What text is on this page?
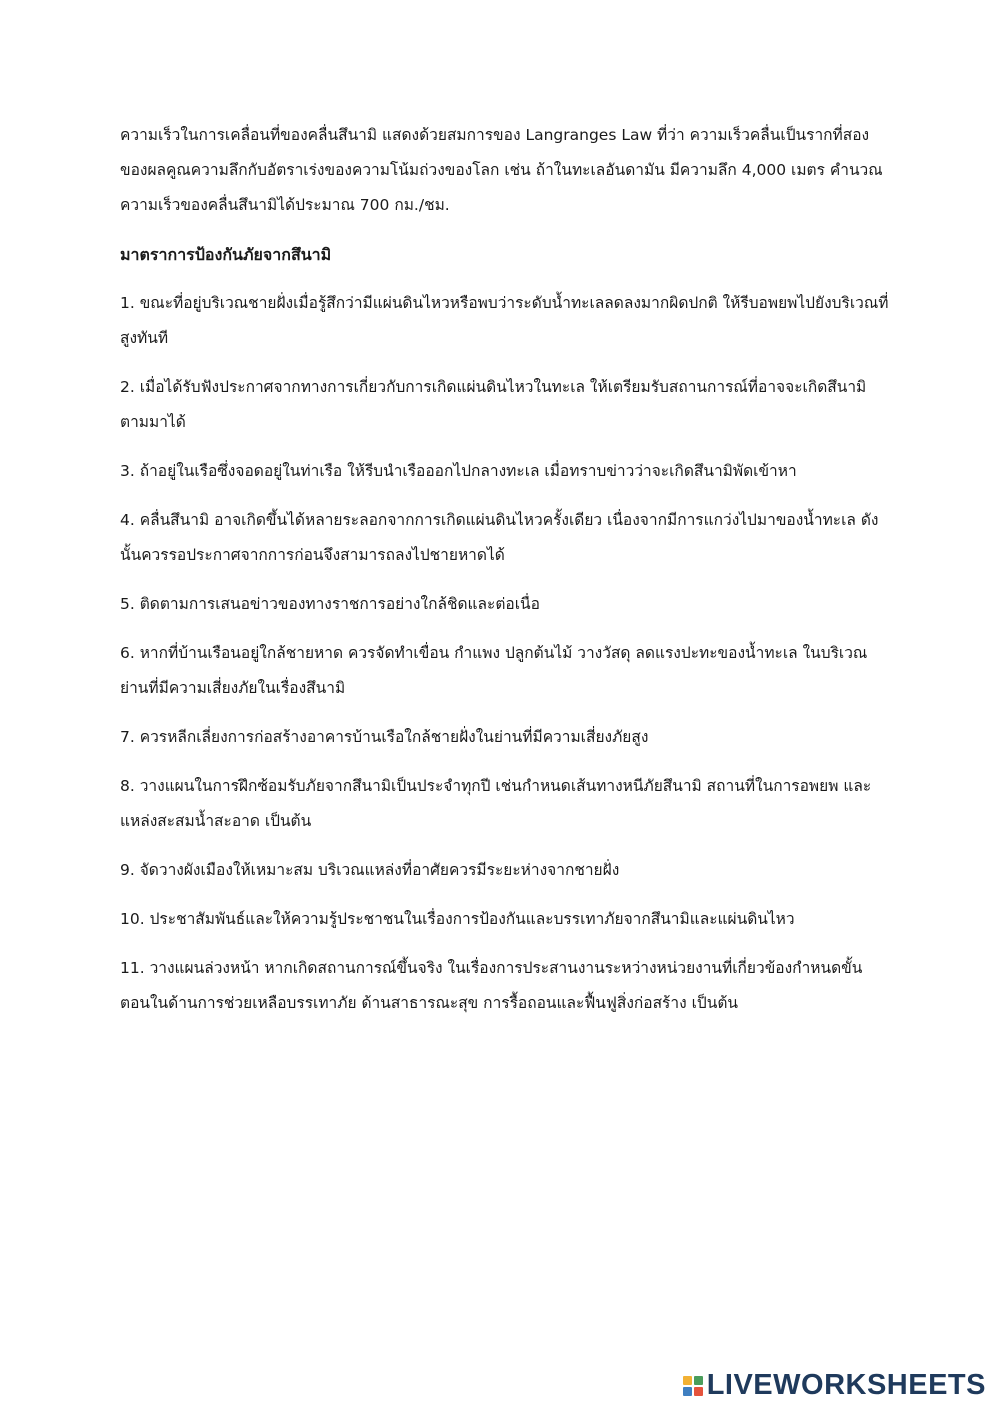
ความเร็วในการเคลื่อนที่ของคลื่นสึนามิ แสดงด้วยสมการของ Langranges Law ที่ว่า ความเร็วคลื่นเป็นรากที่สองของผลคูณความลึกกับอัตราเร่งของความโน้มถ่วงของโลก เช่น ถ้าในทะเลอันดามัน มีความลึก 4,000 เมตร คำนวณความเร็วของคลื่นสึนามิได้ประมาณ 700 กม./ชม.

มาตราการป้องกันภัยจากสึนามิ

1. ขณะที่อยู่บริเวณชายฝั่งเมื่อรู้สึกว่ามีแผ่นดินไหวหรือพบว่าระดับน้ำทะเลลดลงมากผิดปกติ ให้รีบอพยพไปยังบริเวณที่สูงทันที

2. เมื่อได้รับฟังประกาศจากทางการเกี่ยวกับการเกิดแผ่นดินไหวในทะเล ให้เตรียมรับสถานการณ์ที่อาจจะเกิดสึนามิตามมาได้

3. ถ้าอยู่ในเรือซึ่งจอดอยู่ในท่าเรือ ให้รีบนำเรือออกไปกลางทะเล เมื่อทราบข่าวว่าจะเกิดสึนามิพัดเข้าหา

4. คลื่นสึนามิ อาจเกิดขึ้นได้หลายระลอกจากการเกิดแผ่นดินไหวครั้งเดียว เนื่องจากมีการแกว่งไปมาของน้ำทะเล ดังนั้นควรรอประกาศจากการก่อนจึงสามารถลงไปชายหาดได้

5. ติดตามการเสนอข่าวของทางราชการอย่างใกล้ชิดและต่อเนื่อ

6. หากที่บ้านเรือนอยู่ใกล้ชายหาด ควรจัดทำเขื่อน กำแพง ปลูกต้นไม้ วางวัสดุ ลดแรงปะทะของน้ำทะเล ในบริเวณย่านที่มีความเสี่ยงภัยในเรื่องสึนามิ

7. ควรหลีกเลี่ยงการก่อสร้างอาคารบ้านเรือใกล้ชายฝั่งในย่านที่มีความเสี่ยงภัยสูง

8. วางแผนในการฝึกซ้อมรับภัยจากสึนามิเป็นประจำทุกปี เช่นกำหนดเส้นทางหนีภัยสึนามิ สถานที่ในการอพยพ และแหล่งสะสมน้ำสะอาด เป็นต้น

9. จัดวางผังเมืองให้เหมาะสม บริเวณแหล่งที่อาศัยควรมีระยะห่างจากชายฝั่ง

10. ประชาสัมพันธ์และให้ความรู้ประชาชนในเรื่องการป้องกันและบรรเทาภัยจากสึนามิและแผ่นดินไหว

11. วางแผนล่วงหน้า หากเกิดสถานการณ์ขึ้นจริง ในเรื่องการประสานงานระหว่างหน่วยงานที่เกี่ยวข้องกำหนดขั้นตอนในด้านการช่วยเหลือบรรเทาภัย ด้านสาธารณะสุข การรื้อถอนและฟื้นฟูสิ่งก่อสร้าง เป็นต้น

LIVEWORKSHEETS
